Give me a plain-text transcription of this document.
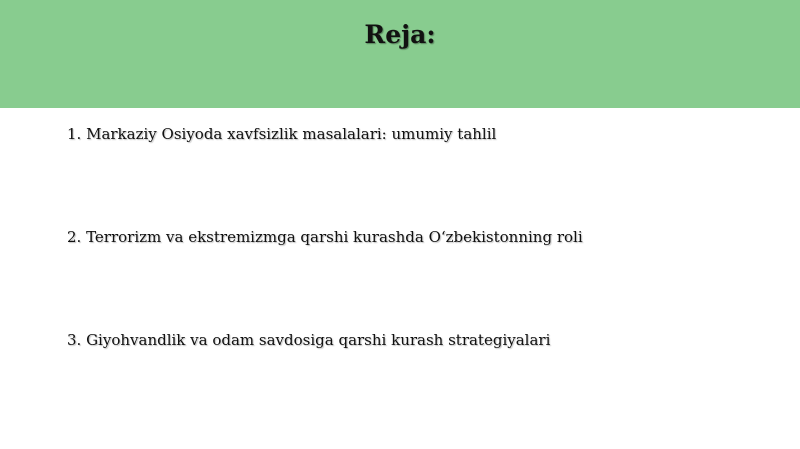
Reja:

1. Markaziy Osiyoda xavfsizlik masalalari: umumiy tahlil

2. Terrorizm va ekstremizmga qarshi kurashda O‘zbekistonning roli

3. Giyohvandlik va odam savdosiga qarshi kurash strategiyalari
